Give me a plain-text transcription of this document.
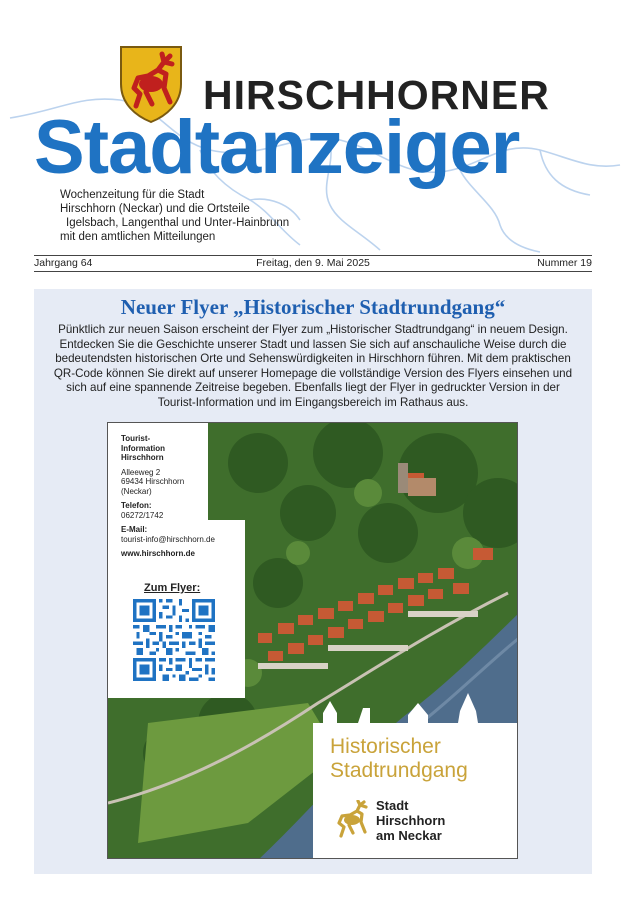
HIRSCHHORNER
Stadtanzeiger
Wochenzeitung für die Stadt
Hirschhorn (Neckar) und die Ortsteile
Igelsbach, Langenthal und Unter-Hainbrunn
mit den amtlichen Mitteilungen
Freitag, den 9. Mai 2025
Jahrgang 64	Nummer 19
Neuer Flyer „Historischer Stadtrundgang“
Pünktlich zur neuen Saison erscheint der Flyer zum „Historischer Stadtrundgang“ in neuem Design.
Entdecken Sie die Geschichte unserer Stadt und lassen Sie sich auf anschauliche Weise durch die
bedeutendsten historischen Orte und Sehenswürdigkeiten in Hirschhorn führen. Mit dem praktischen
QR-Code können Sie direkt auf unserer Homepage die vollständige Version des Flyers einsehen und
sich auf eine spannende Zeitreise begeben. Ebenfalls liegt der Flyer in gedruckter Version in der
Tourist-Information und im Eingangsbereich im Rathaus aus.
Tourist-
Information
Hirschhorn
Alleeweg 2
69434 Hirschhorn
(Neckar)
Telefon:
06272/1742
E-Mail:
tourist-info@hirschhorn.de
www.hirschhorn.de
Zum Flyer:
Historischer
Stadtrundgang
Stadt
Hirschhorn
am Neckar
